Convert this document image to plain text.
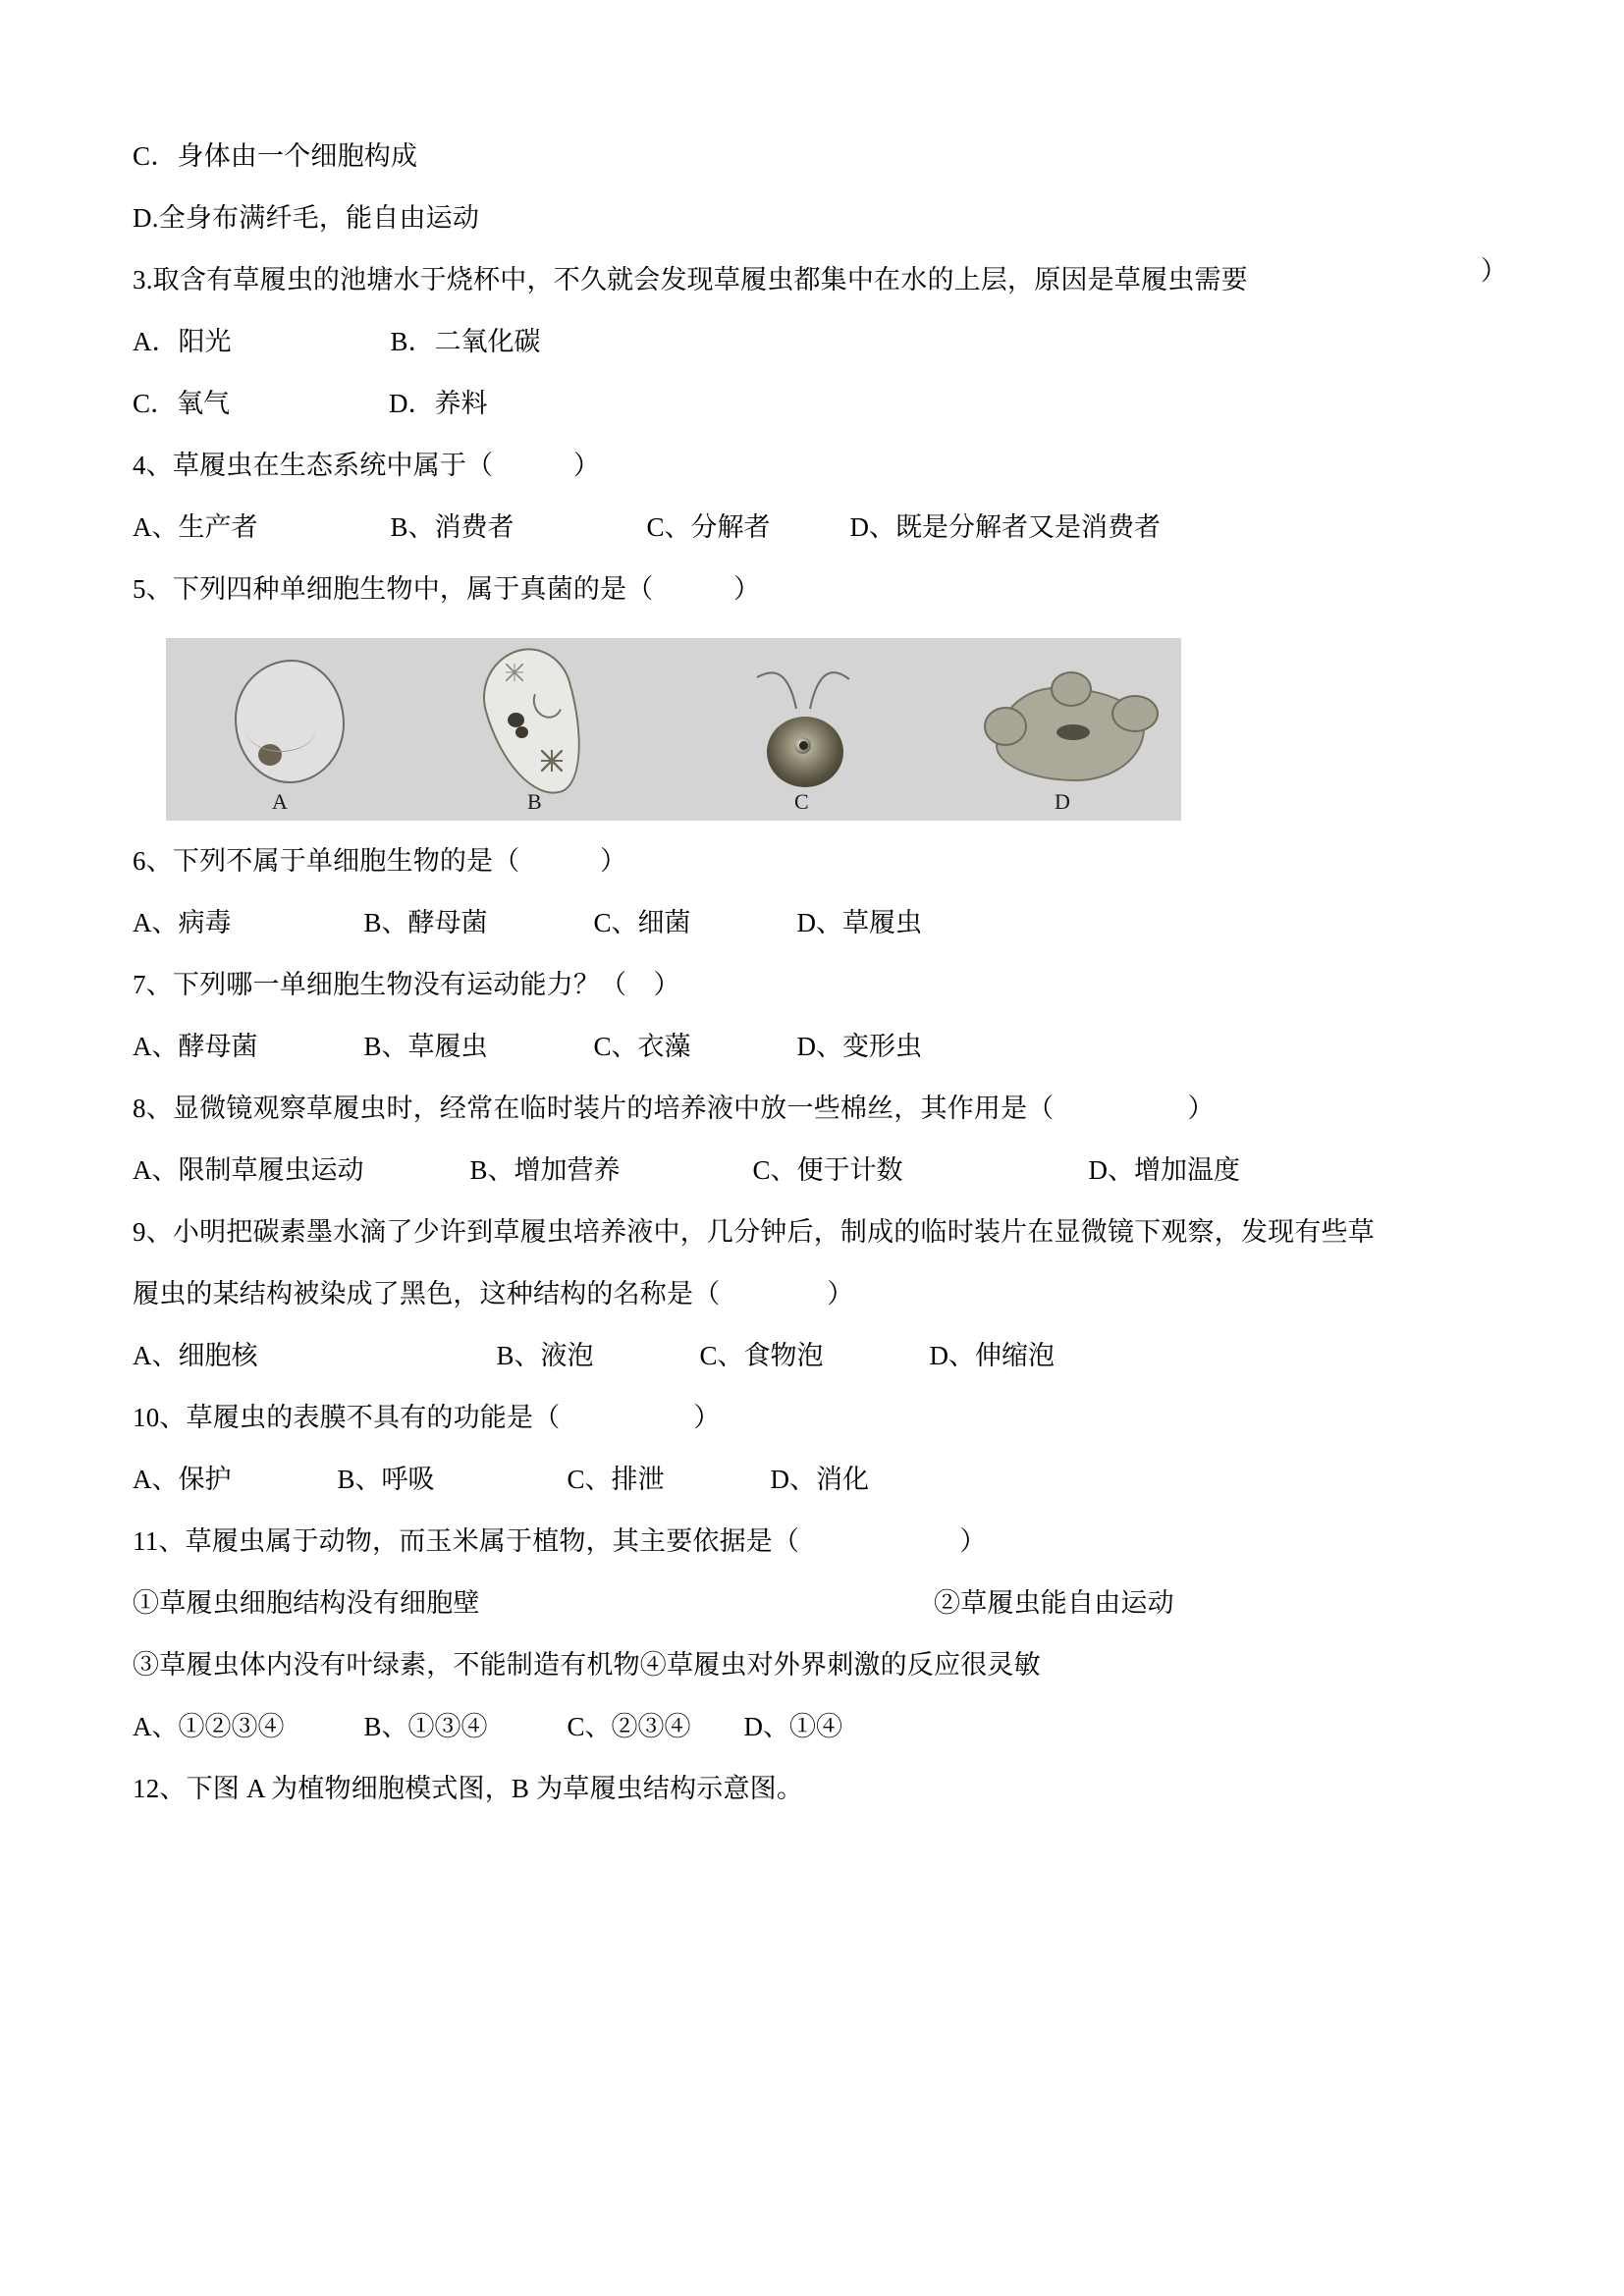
C．身体由一个细胞构成
D.全身布满纤毛，能自由运动
3.取含有草履虫的池塘水于烧杯中，不久就会发现草履虫都集中在水的上层，原因是草履虫需要	）
A．阳光　　　　　　B．二氧化碳
C．氧气　　　　　　D．养料
4、草履虫在生态系统中属于（　　　）
A、生产者　　　　　B、消费者　　　　　C、分解者　　　D、既是分解者又是消费者
5、下列四种单细胞生物中，属于真菌的是（　　　）
A	B	C	D
6、下列不属于单细胞生物的是（　　　）
A、病毒　　　　　B、酵母菌　　　　C、细菌　　　　D、草履虫
7、下列哪一单细胞生物没有运动能力？（　）
A、酵母菌　　　　B、草履虫　　　　C、衣藻　　　　D、变形虫
8、显微镜观察草履虫时，经常在临时装片的培养液中放一些棉丝，其作用是（　　　　　）
A、限制草履虫运动　　　　B、增加营养　　　　　C、便于计数　　　　　　　D、增加温度
9、小明把碳素墨水滴了少许到草履虫培养液中，几分钟后，制成的临时装片在显微镜下观察，发现有些草
履虫的某结构被染成了黑色，这种结构的名称是（　　　　）
A、细胞核　　　　　　　　　B、液泡　　　　C、食物泡　　　　D、伸缩泡
10、草履虫的表膜不具有的功能是（　　　　　）
A、保护　　　　B、呼吸　　　　　C、排泄　　　　D、消化
11、草履虫属于动物，而玉米属于植物，其主要依据是（　　　　　　）
①草履虫细胞结构没有细胞壁　　　　　　　　　　　　　　　　　②草履虫能自由运动
③草履虫体内没有叶绿素，不能制造有机物④草履虫对外界刺激的反应很灵敏
A、①②③④　　　B、①③④　　　C、②③④　　D、①④
12、下图 A 为植物细胞模式图，B 为草履虫结构示意图。
